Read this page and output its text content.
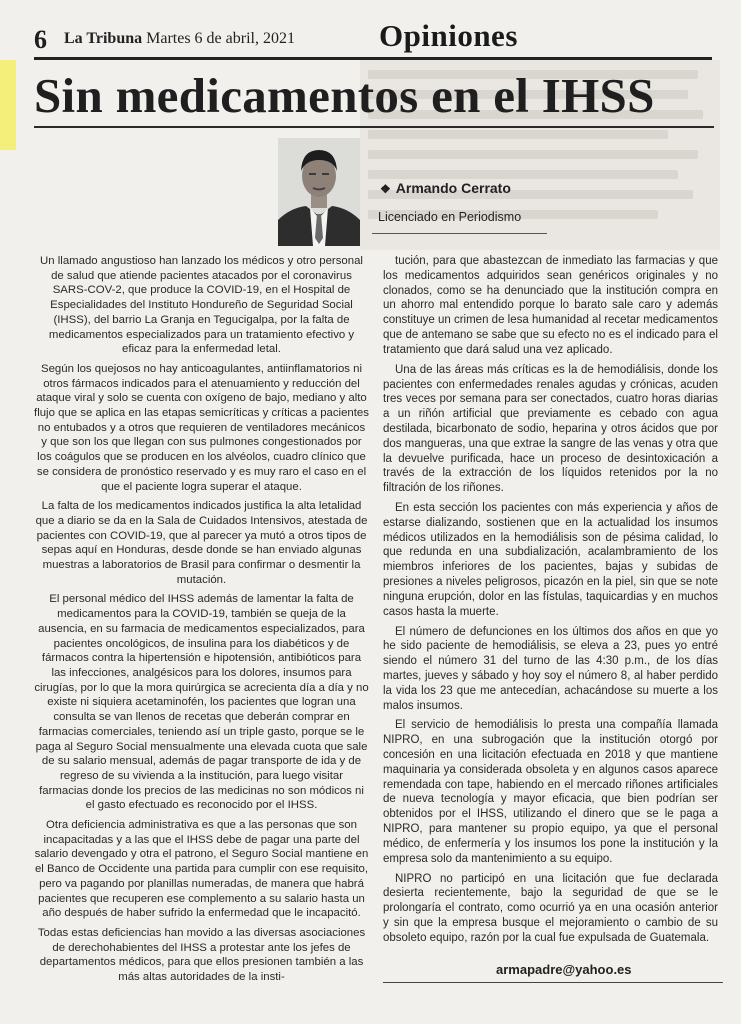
6 La Tribuna Martes 6 de abril, 2021	Opiniones
Sin medicamentos en el IHSS
❖ Armando Cerrato
Licenciado en Periodismo

Un llamado angustioso han lanzado los médicos y otro personal de salud que atiende pacientes atacados por el coronavirus SARS-COV-2, que produce la COVID-19, en el Hospital de Especialidades del Instituto Hondureño de Seguridad Social (IHSS), del barrio La Granja en Tegucigalpa, por la falta de medicamentos especializados para un tratamiento efectivo y eficaz para la enfermedad letal.

Según los quejosos no hay anticoagulantes, antiinflamatorios ni otros fármacos indicados para el atenuamiento y reducción del ataque viral y solo se cuenta con oxígeno de bajo, mediano y alto flujo que se aplica en las etapas semicríticas y críticas a pacientes no entubados y a otros que requieren de ventiladores mecánicos y que son los que llegan con sus pulmones congestionados por los coágulos que se producen en los alvéolos, cuadro clínico que se considera de pronóstico reservado y es muy raro el caso en el que el paciente logra superar el ataque.

La falta de los medicamentos indicados justifica la alta letalidad que a diario se da en la Sala de Cuidados Intensivos, atestada de pacientes con COVID-19, que al parecer ya mutó a otros tipos de sepas aquí en Honduras, desde donde se han enviado algunas muestras a laboratorios de Brasil para confirmar o desmentir la mutación.

El personal médico del IHSS además de lamentar la falta de medicamentos para la COVID-19, también se queja de la ausencia, en su farmacia de medicamentos especializados, para pacientes oncológicos, de insulina para los diabéticos y de fármacos contra la hipertensión e hipotensión, antibióticos para las infecciones, analgésicos para los dolores, insumos para cirugías, por lo que la mora quirúrgica se acrecienta día a día y no existe ni siquiera acetaminofén, los pacientes que logran una consulta se van llenos de recetas que deberán comprar en farmacias comerciales, teniendo así un triple gasto, porque se le paga al Seguro Social mensualmente una elevada cuota que sale de su salario mensual, además de pagar transporte de ida y de regreso de su vivienda a la institución, para luego visitar farmacias donde los precios de las medicinas no son módicos ni el gasto efectuado es reconocido por el IHSS.

Otra deficiencia administrativa es que a las personas que son incapacitadas y a las que el IHSS debe de pagar una parte del salario devengado y otra el patrono, el Seguro Social mantiene en el Banco de Occidente una partida para cumplir con ese requisito, pero va pagando por planillas numeradas, de manera que habrá pacientes que recuperen ese complemento a su salario hasta un año después de haber sufrido la enfermedad que le incapacitó.

Todas estas deficiencias han movido a las diversas asociaciones de derechohabientes del IHSS a protestar ante los jefes de departamentos médicos, para que ellos presionen también a las más altas autoridades de la insti-

tución, para que abastezcan de inmediato las farmacias y que los medicamentos adquiridos sean genéricos originales y no clonados, como se ha denunciado que la institución compra en un ahorro mal entendido porque lo barato sale caro y además constituye un crimen de lesa humanidad al recetar medicamentos que de antemano se sabe que su efecto no es el indicado para el tratamiento que dará salud una vez aplicado.

Una de las áreas más críticas es la de hemodiálisis, donde los pacientes con enfermedades renales agudas y crónicas, acuden tres veces por semana para ser conectados, cuatro horas diarias a un riñón artificial que previamente es cebado con agua destilada, bicarbonato de sodio, heparina y otros ácidos que por dos mangueras, una que extrae la sangre de las venas y otra que la devuelve purificada, hace un proceso de desintoxicación a través de la extracción de los líquidos retenidos por la no filtración de los riñones.

En esta sección los pacientes con más experiencia y años de estarse dializando, sostienen que en la actualidad los insumos médicos utilizados en la hemodiálisis son de pésima calidad, lo que redunda en una subdialización, acalambramiento de los miembros inferiores de los pacientes, bajas y subidas de presiones a niveles peligrosos, picazón en la piel, sin que se note ninguna erupción, dolor en las fístulas, taquicardias y en muchos casos hasta la muerte.

El número de defunciones en los últimos dos años en que yo he sido paciente de hemodiálisis, se eleva a 23, pues yo entré siendo el número 31 del turno de las 4:30 p.m., de los días martes, jueves y sábado y hoy soy el número 8, al haber perdido la vida los 23 que me antecedían, achacándose su muerte a los malos insumos.

El servicio de hemodiálisis lo presta una compañía llamada NIPRO, en una subrogación que la institución otorgó por concesión en una licitación efectuada en 2018 y que mantiene maquinaria ya considerada obsoleta y en algunos casos aparece remendada con tape, habiendo en el mercado riñones artificiales de nueva tecnología y mayor eficacia, que bien podrían ser obtenidos por el IHSS, utilizando el dinero que se le paga a NIPRO, para mantener su propio equipo, ya que el personal médico, de enfermería y los insumos los pone la institución y la empresa solo da mantenimiento a su equipo.

NIPRO no participó en una licitación que fue declarada desierta recientemente, bajo la seguridad de que se le prolongaría el contrato, como ocurrió ya en una ocasión anterior y sin que la empresa busque el mejoramiento o cambio de su obsoleto equipo, razón por la cual fue expulsada de Guatemala.

armapadre@yahoo.es
